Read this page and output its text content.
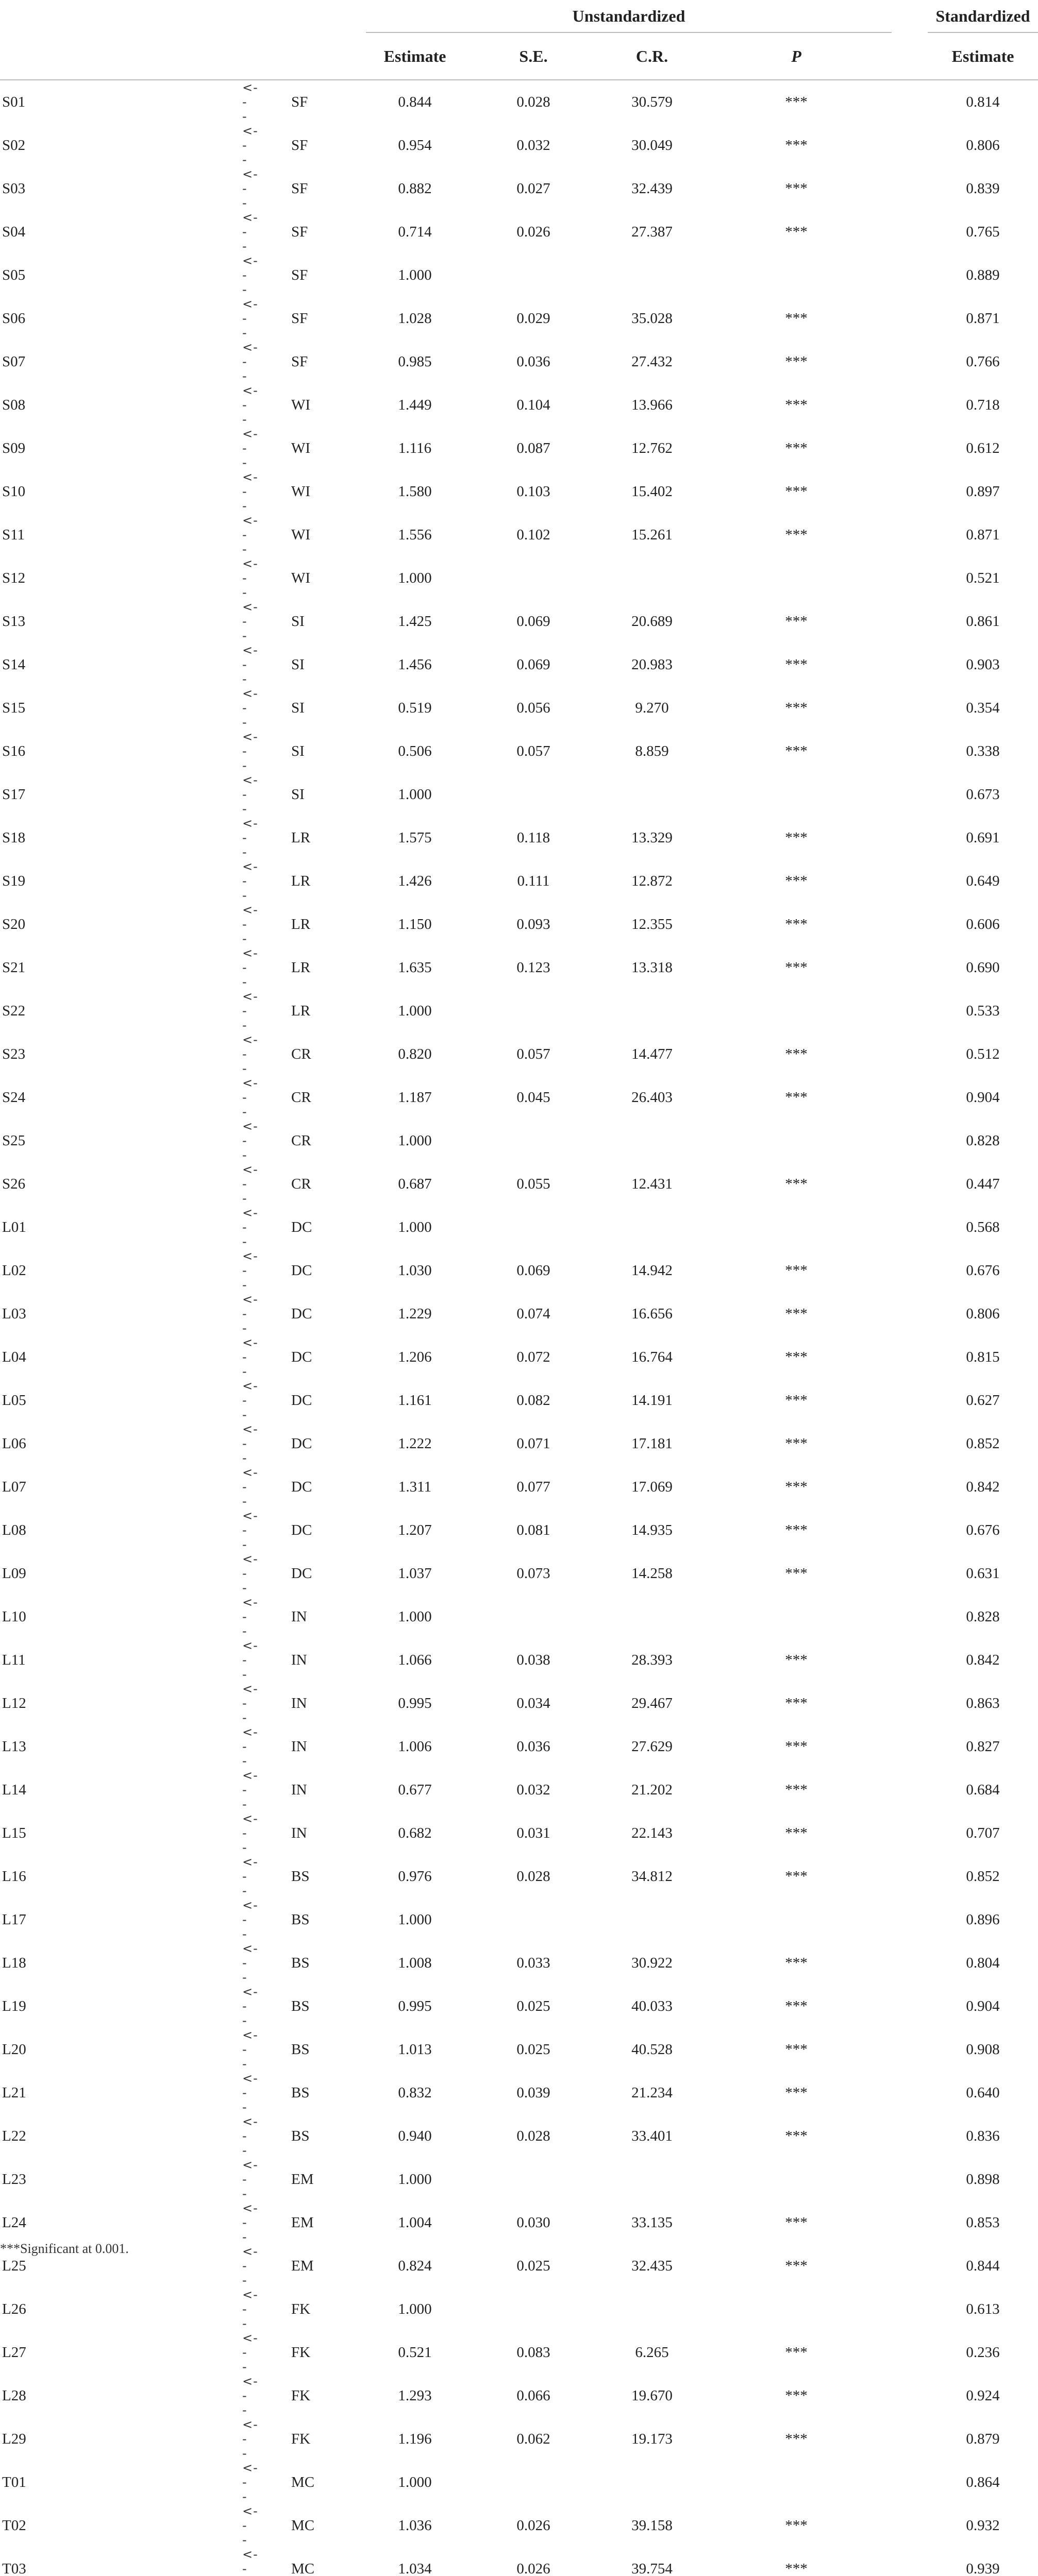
			Unstandardized					Standardized
			Estimate	S.E.	C.R.	P		Estimate
S01	<- - -	SF	0.844	0.028	30.579	***		0.814
S02	<- - -	SF	0.954	0.032	30.049	***		0.806
S03	<- - -	SF	0.882	0.027	32.439	***		0.839
S04	<- - -	SF	0.714	0.026	27.387	***		0.765
S05	<- - -	SF	1.000					0.889
S06	<- - -	SF	1.028	0.029	35.028	***		0.871
S07	<- - -	SF	0.985	0.036	27.432	***		0.766
S08	<- - -	WI	1.449	0.104	13.966	***		0.718
S09	<- - -	WI	1.116	0.087	12.762	***		0.612
S10	<- - -	WI	1.580	0.103	15.402	***		0.897
S11	<- - -	WI	1.556	0.102	15.261	***		0.871
S12	<- - -	WI	1.000					0.521
S13	<- - -	SI	1.425	0.069	20.689	***		0.861
S14	<- - -	SI	1.456	0.069	20.983	***		0.903
S15	<- - -	SI	0.519	0.056	9.270	***		0.354
S16	<- - -	SI	0.506	0.057	8.859	***		0.338
S17	<- - -	SI	1.000					0.673
S18	<- - -	LR	1.575	0.118	13.329	***		0.691
S19	<- - -	LR	1.426	0.111	12.872	***		0.649
S20	<- - -	LR	1.150	0.093	12.355	***		0.606
S21	<- - -	LR	1.635	0.123	13.318	***		0.690
S22	<- - -	LR	1.000					0.533
S23	<- - -	CR	0.820	0.057	14.477	***		0.512
S24	<- - -	CR	1.187	0.045	26.403	***		0.904
S25	<- - -	CR	1.000					0.828
S26	<- - -	CR	0.687	0.055	12.431	***		0.447
L01	<- - -	DC	1.000					0.568
L02	<- - -	DC	1.030	0.069	14.942	***		0.676
L03	<- - -	DC	1.229	0.074	16.656	***		0.806
L04	<- - -	DC	1.206	0.072	16.764	***		0.815
L05	<- - -	DC	1.161	0.082	14.191	***		0.627
L06	<- - -	DC	1.222	0.071	17.181	***		0.852
L07	<- - -	DC	1.311	0.077	17.069	***		0.842
L08	<- - -	DC	1.207	0.081	14.935	***		0.676
L09	<- - -	DC	1.037	0.073	14.258	***		0.631
L10	<- - -	IN	1.000					0.828
L11	<- - -	IN	1.066	0.038	28.393	***		0.842
L12	<- - -	IN	0.995	0.034	29.467	***		0.863
L13	<- - -	IN	1.006	0.036	27.629	***		0.827
L14	<- - -	IN	0.677	0.032	21.202	***		0.684
L15	<- - -	IN	0.682	0.031	22.143	***		0.707
L16	<- - -	BS	0.976	0.028	34.812	***		0.852
L17	<- - -	BS	1.000					0.896
L18	<- - -	BS	1.008	0.033	30.922	***		0.804
L19	<- - -	BS	0.995	0.025	40.033	***		0.904
L20	<- - -	BS	1.013	0.025	40.528	***		0.908
L21	<- - -	BS	0.832	0.039	21.234	***		0.640
L22	<- - -	BS	0.940	0.028	33.401	***		0.836
L23	<- - -	EM	1.000					0.898
L24	<- - -	EM	1.004	0.030	33.135	***		0.853
L25	<- - -	EM	0.824	0.025	32.435	***		0.844
L26	<- - -	FK	1.000					0.613
L27	<- - -	FK	0.521	0.083	6.265	***		0.236
L28	<- - -	FK	1.293	0.066	19.670	***		0.924
L29	<- - -	FK	1.196	0.062	19.173	***		0.879
T01	<- - -	MC	1.000					0.864
T02	<- - -	MC	1.036	0.026	39.158	***		0.932
T03	<- -	MC	1.034	0.026	39.754	***		0.939

***Significant at 0.001.
